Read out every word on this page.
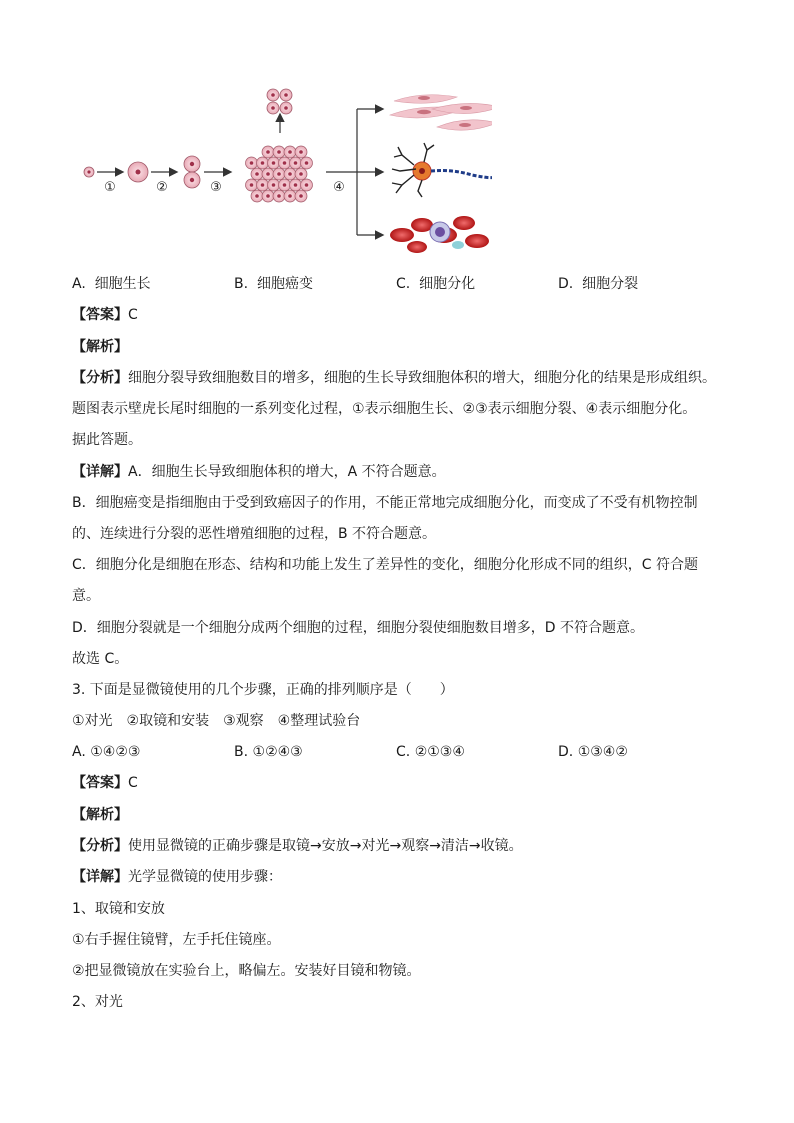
①	②	③	④
A. 细胞生长	B. 细胞癌变	C. 细胞分化	D. 细胞分裂
【答案】C
【解析】
【分析】细胞分裂导致细胞数目的增多，细胞的生长导致细胞体积的增大，细胞分化的结果是形成组织。
题图表示壁虎长尾时细胞的一系列变化过程，①表示细胞生长、②③表示细胞分裂、④表示细胞分化。
据此答题。
【详解】A．细胞生长导致细胞体积的增大，A 不符合题意。
B．细胞癌变是指细胞由于受到致癌因子的作用，不能正常地完成细胞分化，而变成了不受有机物控制
的、连续进行分裂的恶性增殖细胞的过程，B 不符合题意。
C．细胞分化是细胞在形态、结构和功能上发生了差异性的变化，细胞分化形成不同的组织，C 符合题
意。
D．细胞分裂就是一个细胞分成两个细胞的过程，细胞分裂使细胞数目增多，D 不符合题意。
故选 C。
3. 下面是显微镜使用的几个步骤，正确的排列顺序是（　　）
①对光　②取镜和安装　③观察　④整理试验台
A. ①④②③	B. ①②④③	C. ②①③④	D. ①③④②
【答案】C
【解析】
【分析】使用显微镜的正确步骤是取镜→安放→对光→观察→清洁→收镜。
【详解】光学显微镜的使用步骤：
1、取镜和安放
①右手握住镜臂，左手托住镜座。
②把显微镜放在实验台上，略偏左。安装好目镜和物镜。
2、对光
